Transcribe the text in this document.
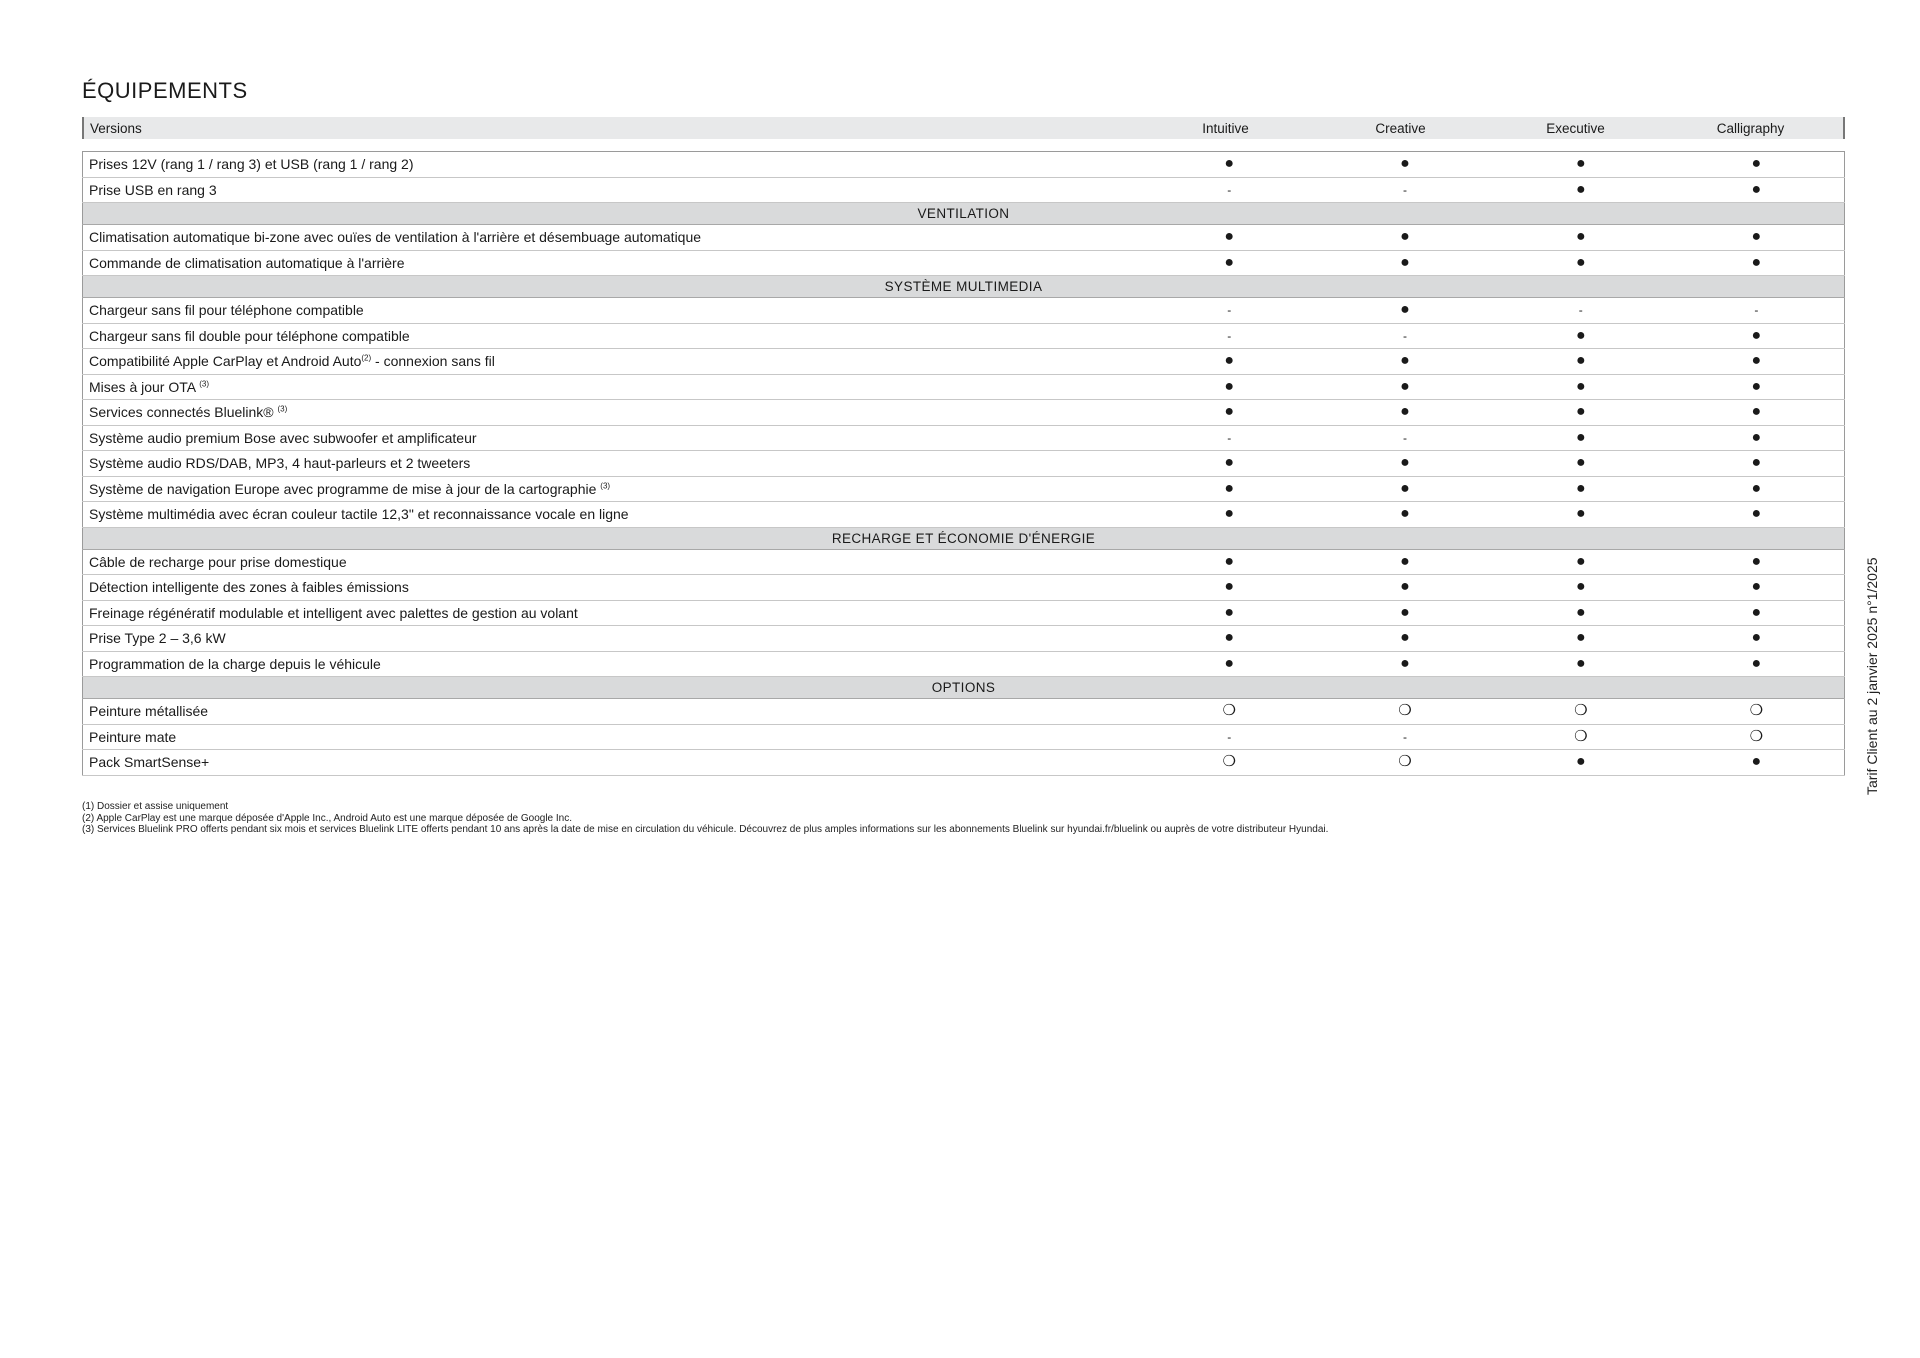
ÉQUIPEMENTS
Versions	Intuitive	Creative	Executive	Calligraphy
Prises 12V (rang 1 / rang 3) et USB (rang 1 / rang 2)	●	●	●	●
Prise USB en rang 3	-	-	●	●
VENTILATION				
Climatisation automatique bi-zone avec ouïes de ventilation à l'arrière et désembuage automatique	●	●	●	●
Commande de climatisation automatique à l'arrière	●	●	●	●
SYSTÈME MULTIMEDIA				
Chargeur sans fil pour téléphone compatible	-	●	-	-
Chargeur sans fil double pour téléphone compatible	-	-	●	●
Compatibilité Apple CarPlay et Android Auto$^{(2)}$ - connexion sans fil	●	●	●	●
Mises à jour OTA $^{(3)}$	●	●	●	●
Services connectés Bluelink® $^{(3)}$	●	●	●	●
Système audio premium Bose avec subwoofer et amplificateur	-	-	●	●
Système audio RDS/DAB, MP3, 4 haut-parleurs et 2 tweeters	●	●	●	●
Système de navigation Europe avec programme de mise à jour de la cartographie $^{(3)}$	●	●	●	●
Système multimédia avec écran couleur tactile 12,3" et reconnaissance vocale en ligne	●	●	●	●
RECHARGE ET ÉCONOMIE D'ÉNERGIE				
Câble de recharge pour prise domestique	●	●	●	●
Détection intelligente des zones à faibles émissions	●	●	●	●
Freinage régénératif modulable et intelligent avec palettes de gestion au volant	●	●	●	●
Prise Type 2 – 3,6 kW	●	●	●	●
Programmation de la charge depuis le véhicule	●	●	●	●
OPTIONS				
Peinture métallisée	❍	❍	❍	❍
Peinture mate	-	-	❍	❍
Pack SmartSense+	❍	❍	●	●
(1) Dossier et assise uniquement
(2) Apple CarPlay est une marque déposée d'Apple Inc., Android Auto est une marque déposée de Google Inc.
(3) Services Bluelink PRO offerts pendant six mois et services Bluelink LITE offerts pendant 10 ans après la date de mise en circulation du véhicule. Découvrez de plus amples informations sur les abonnements Bluelink sur hyundai.fr/bluelink ou auprès de votre distributeur Hyundai.
Tarif Client au 2 janvier 2025 n°1/2025
